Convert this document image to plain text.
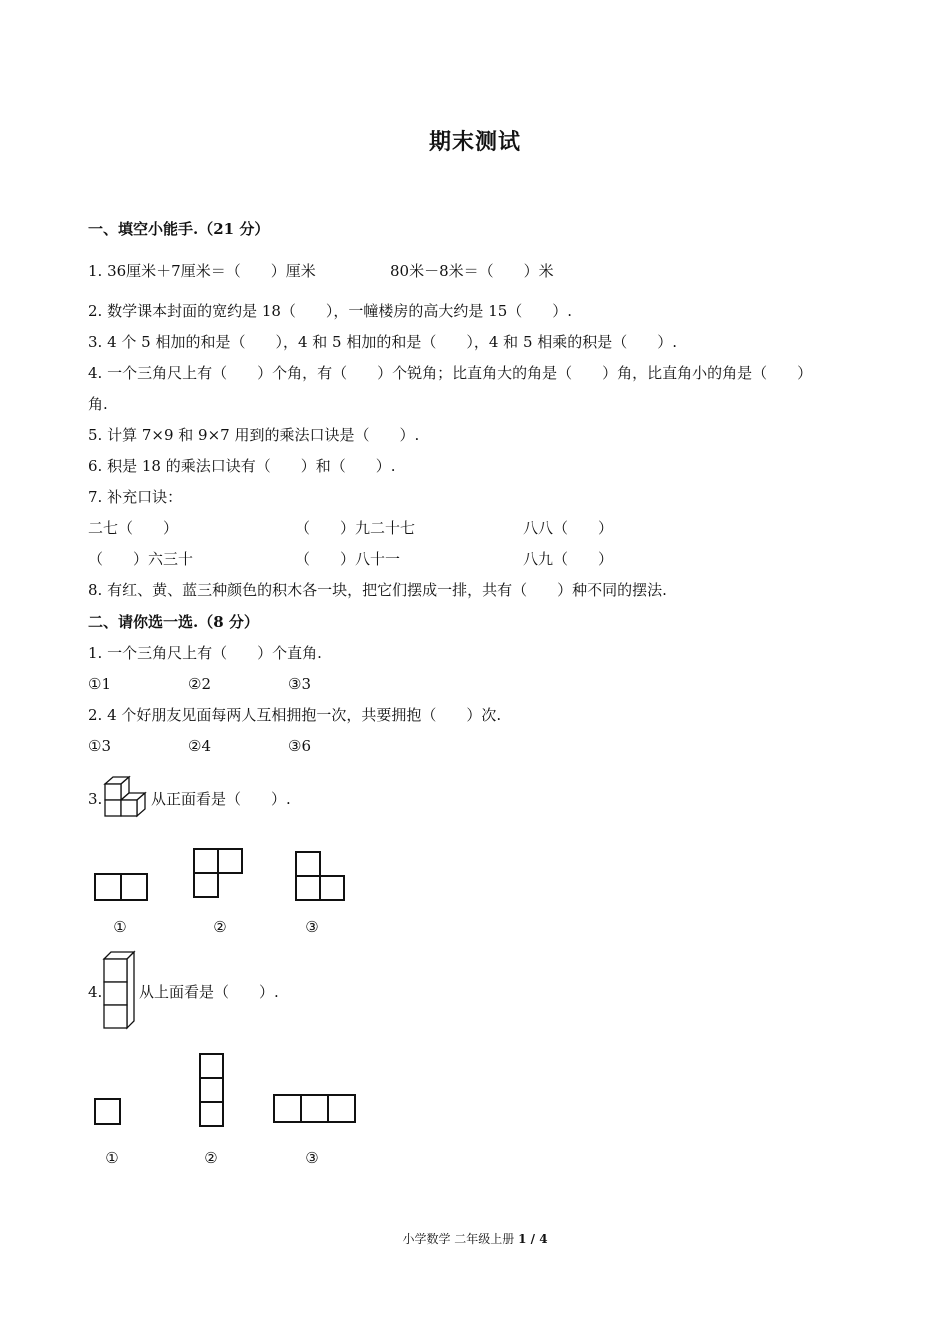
期末测试
一、填空小能手.（21 分）
1. 36厘米＋7厘米＝（　　）厘米	80米－8米＝（　　）米
2. 数学课本封面的宽约是 18（　　），一幢楼房的高大约是 15（　　）.
3. 4 个 5 相加的和是（　　），4 和 5 相加的和是（　　），4 和 5 相乘的积是（　　）.
4. 一个三角尺上有（　　）个角，有（　　）个锐角；比直角大的角是（　　）角，比直角小的角是（　　）
角.
5. 计算 7×9 和 9×7 用到的乘法口诀是（　　）.
6. 积是 18 的乘法口诀有（　　）和（　　）.
7. 补充口诀：
二七（　　）	（　　）九二十七	八八（　　）
（　　）六三十	（　　）八十一	八九（　　）
8. 有红、黄、蓝三种颜色的积木各一块，把它们摆成一排，共有（　　）种不同的摆法.
二、请你选一选.（8 分）
1. 一个三角尺上有（　　）个直角.
①1	②2	③3
2. 4 个好朋友见面每两人互相拥抱一次，共要拥抱（　　）次.
①3	②4	③6
3.	从正面看是（　　）.
①	②	③
4. 从上面看是（　　）.
①	②	③
小学数学 二年级上册 1 / 4
